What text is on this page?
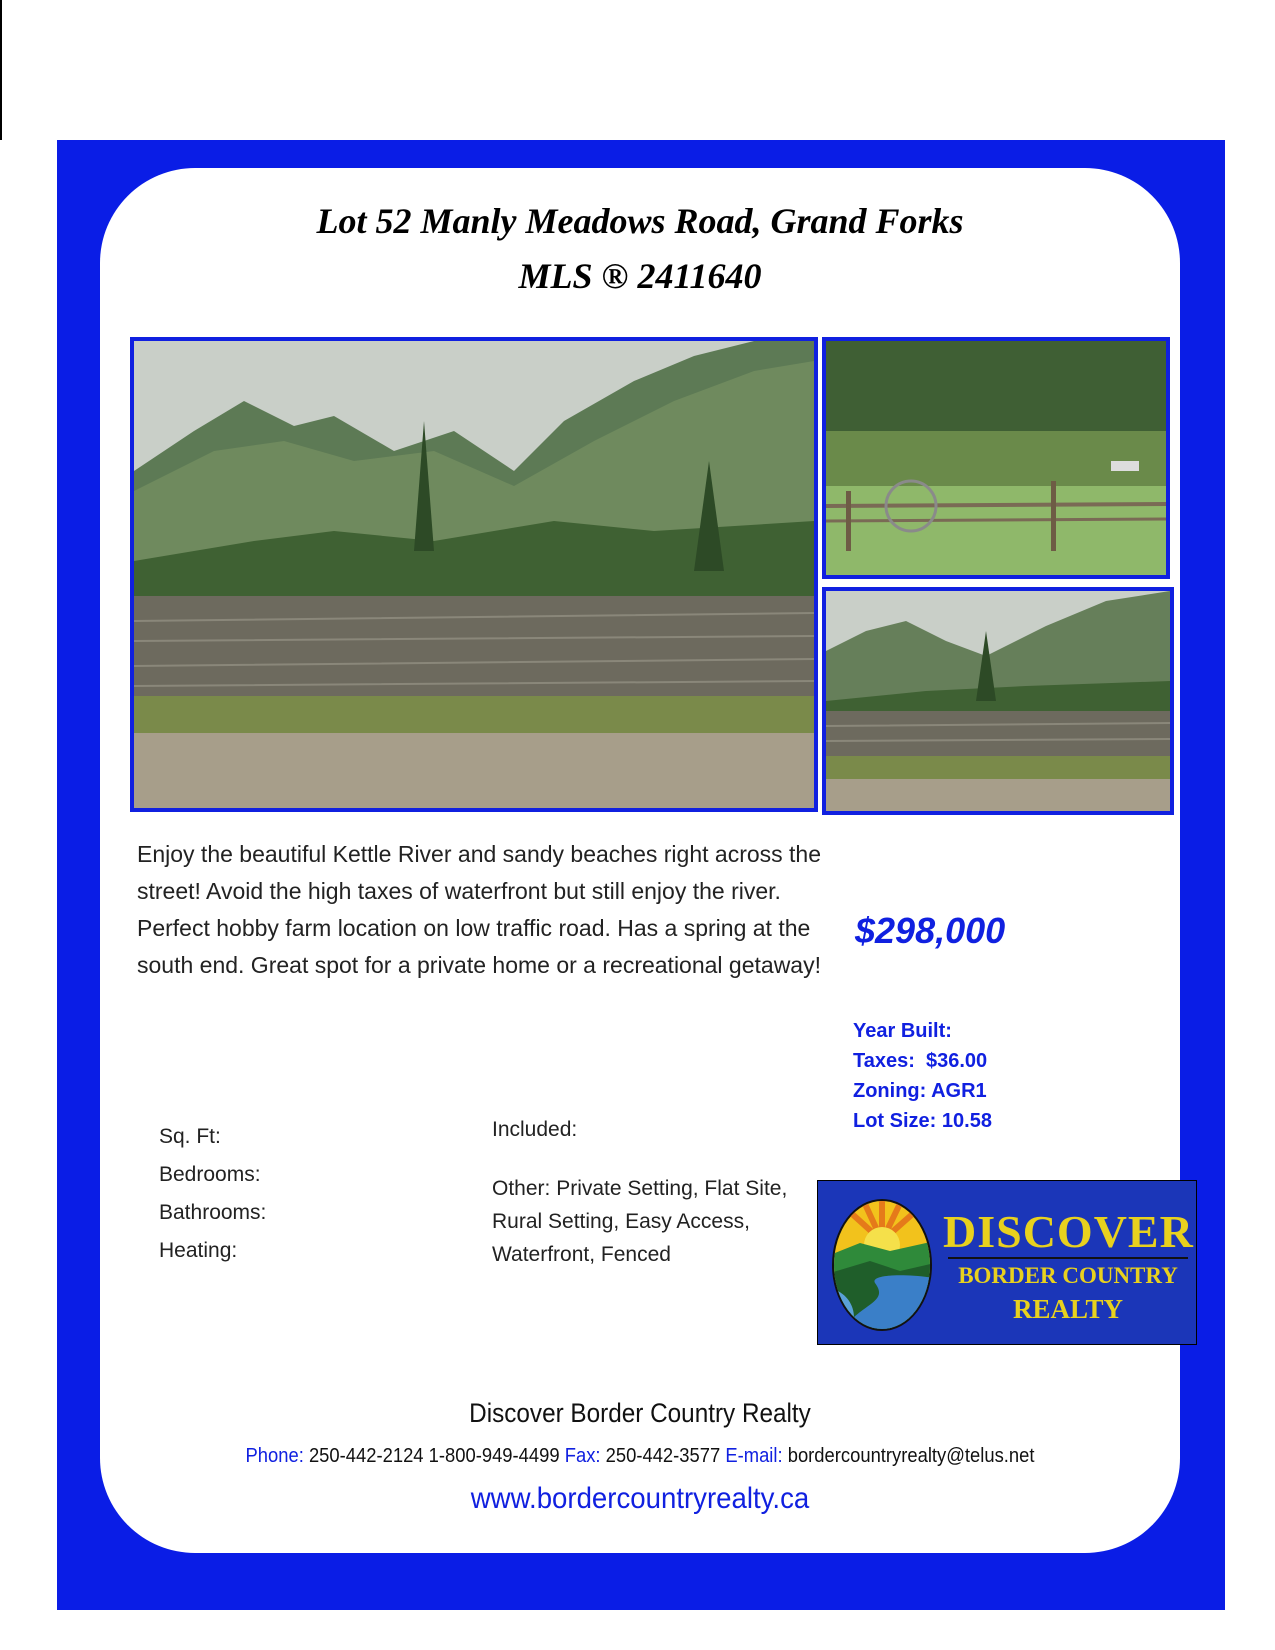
Lot 52 Manly Meadows Road, Grand Forks
MLS ® 2411640
Enjoy the beautiful Kettle River and sandy beaches right across the street! Avoid the high taxes of waterfront but still enjoy the river. Perfect hobby farm location on low traffic road. Has a spring at the south end. Great spot for a private home or a recreational getaway!
$298,000
Year Built:
Taxes:  $36.00
Zoning: AGR1
Lot Size: 10.58
Sq. Ft:
Bedrooms:
Bathrooms:
Heating:
Included:
Other: Private Setting, Flat Site, Rural Setting, Easy Access, Waterfront, Fenced	DISCOVER
BORDER COUNTRY
REALTY
Discover Border Country Realty
Phone: 250-442-2124 1-800-949-4499 Fax: 250-442-3577 E-mail: bordercountryrealty@telus.net
www.bordercountryrealty.ca
